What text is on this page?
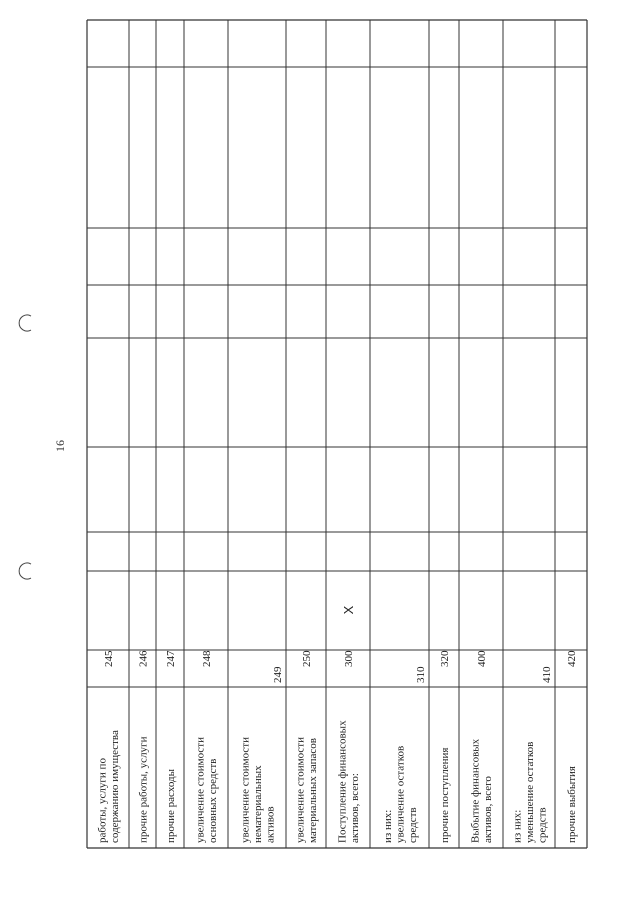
работы, услуги по содержанию имущества
245
прочие работы, услуги
246
прочие расходы
247
увеличение стоимости основных средств
248
увеличение стоимости нематериальных активов
249
увеличение стоимости материальных запасов
250
Поступление финансовых активов, всего:
300
X
из них: увеличение остатков средств
310
прочие поступления
320
Выбытие финансовых активов, всего
400
из них: уменьшение остатков средств
410
прочие выбытия
420
16
